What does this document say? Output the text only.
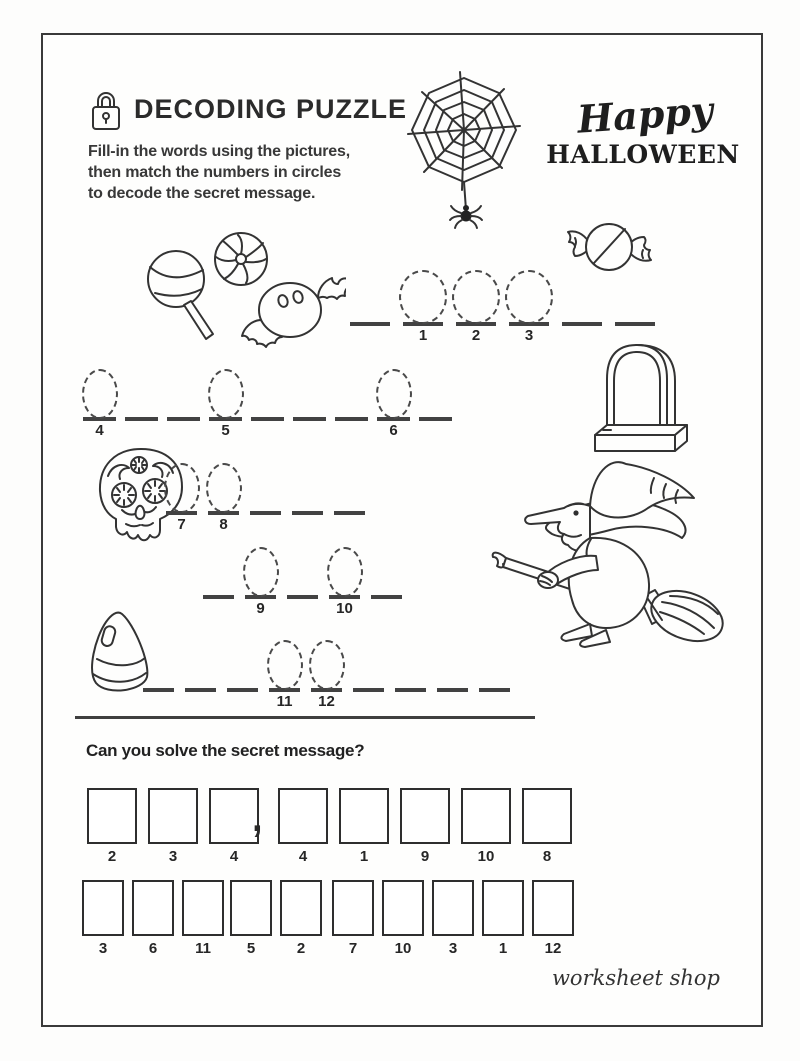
DECODING PUZZLE
Fill-in the words using the pictures,
then match the numbers in circles
to decode the secret message.
Happy
HALLOWEEN
1	2	3
4	5	6
7	8
9	10
11	12
Can you solve the secret message?
2	3	4
,
4	1	9	10	8
3	6	11	5	2	7	10	3	1	12
worksheet shop
